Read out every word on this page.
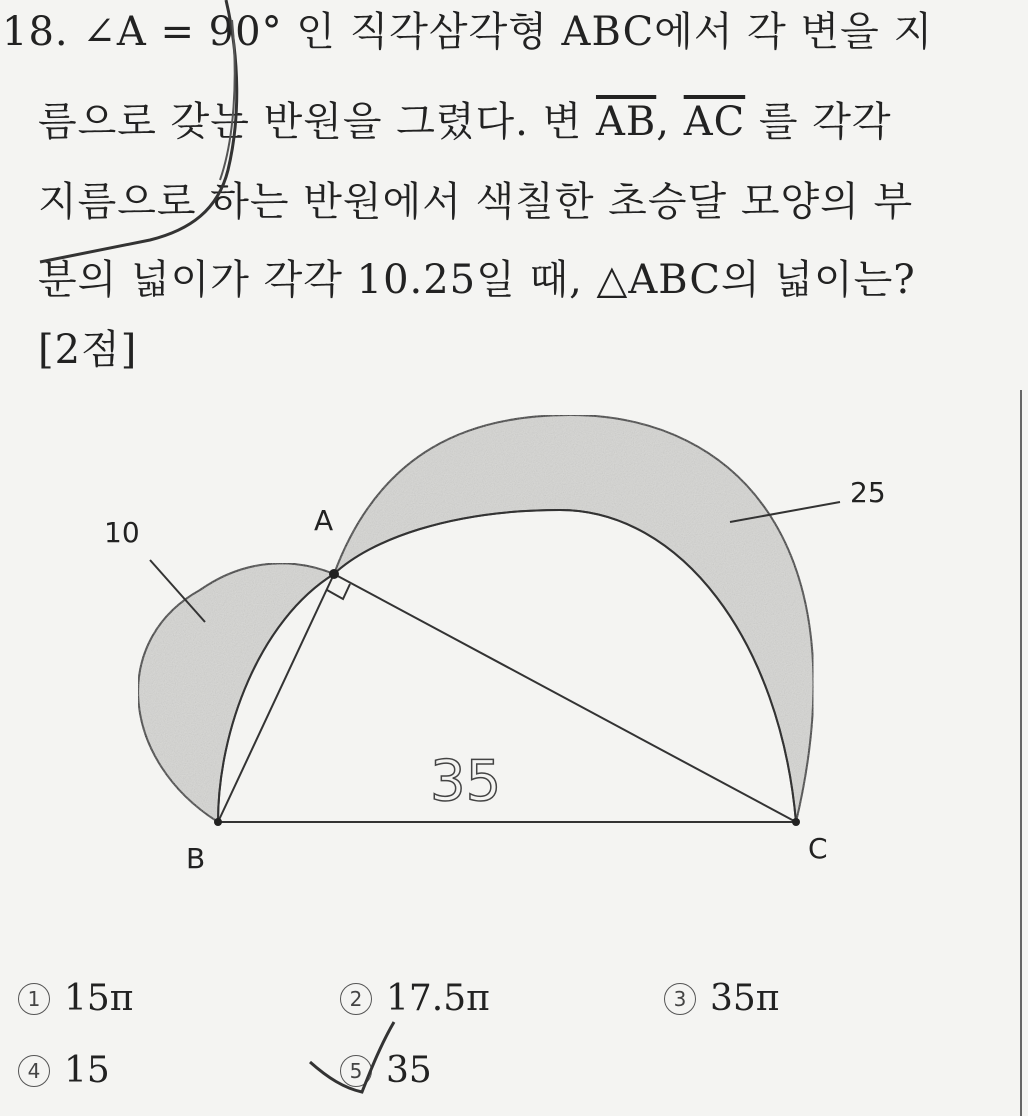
18. ∠A = 90° 인 직각삼각형 ABC에서 각 변을 지
름으로 갖는 반원을 그렸다. 변 $\overline{AB}$, $\overline{AC}$ 를 각각
지름으로 하는 반원에서 색칠한 초승달 모양의 부
분의 넓이가 각각 10.25일 때, △ABC의 넓이는?
[2점]
A
B	C
10
25
35
1 15π	2 17.5π	3 35π
4 15	5 35
